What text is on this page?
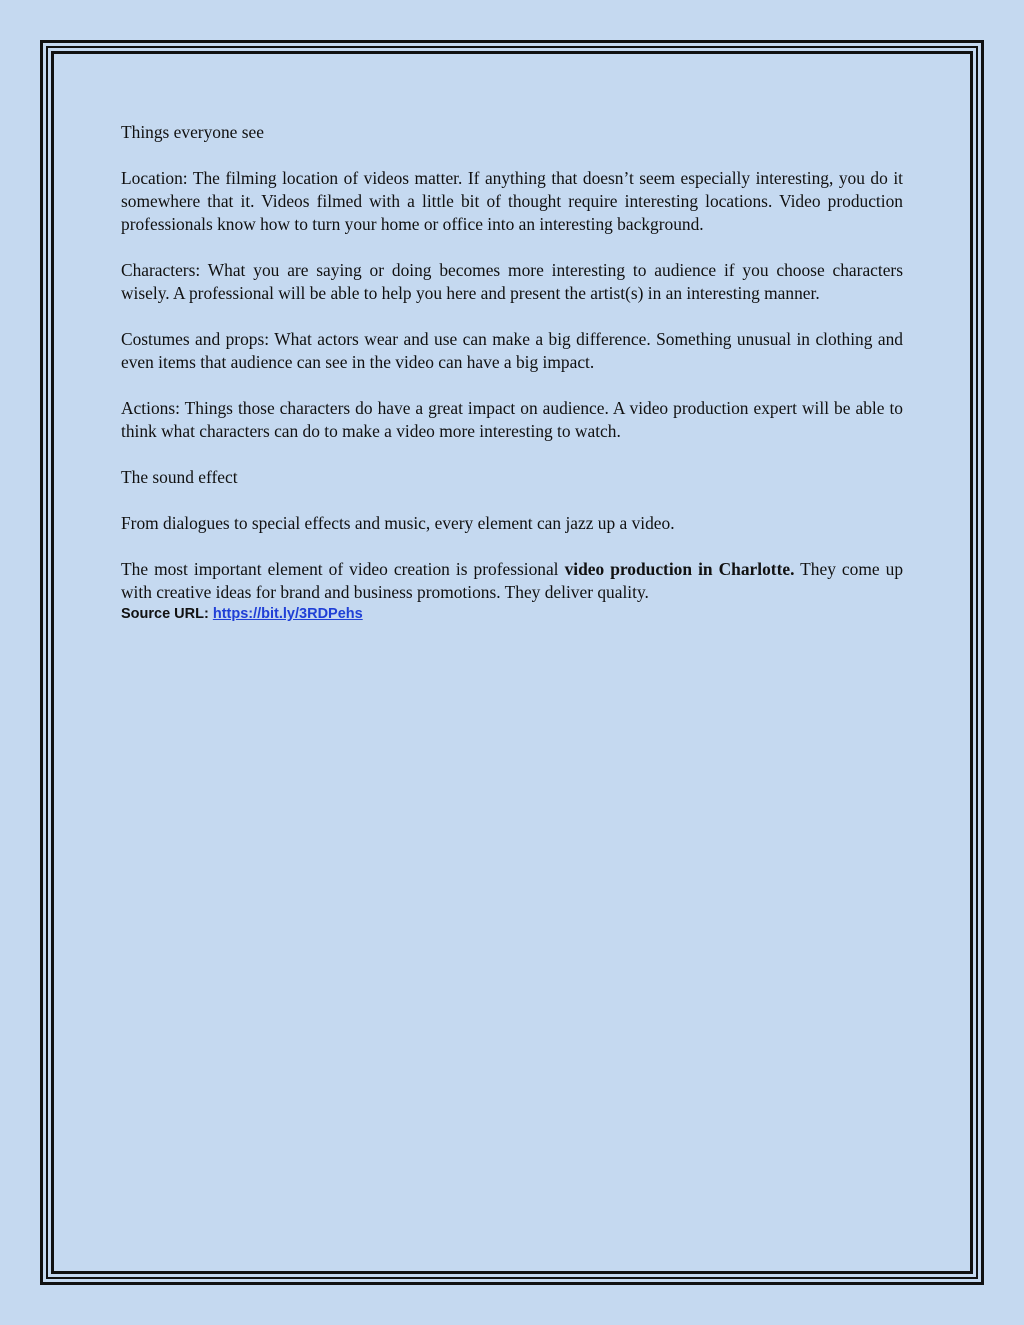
Things everyone see

Location: The filming location of videos matter. If anything that doesn’t seem especially interesting, you do it somewhere that it. Videos filmed with a little bit of thought require interesting locations. Video production professionals know how to turn your home or office into an interesting background.

Characters: What you are saying or doing becomes more interesting to audience if you choose characters wisely. A professional will be able to help you here and present the artist(s) in an interesting manner.

Costumes and props: What actors wear and use can make a big difference. Something unusual in clothing and even items that audience can see in the video can have a big impact.

Actions: Things those characters do have a great impact on audience. A video production expert will be able to think what characters can do to make a video more interesting to watch.

The sound effect

From dialogues to special effects and music, every element can jazz up a video.

The most important element of video creation is professional video production in Charlotte. They come up with creative ideas for brand and business promotions. They deliver quality.

Source URL: https://bit.ly/3RDPehs
